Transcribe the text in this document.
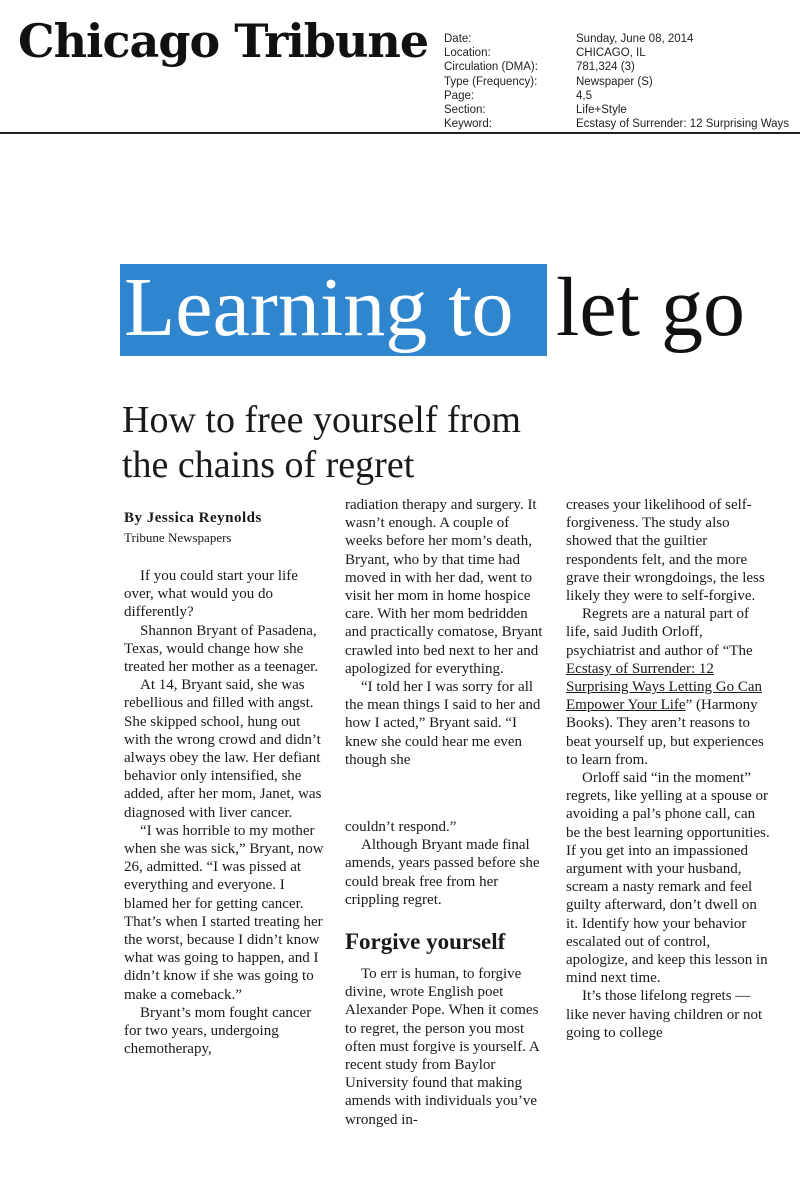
Chicago Tribune	Date:
Location:
Circulation (DMA):
Type (Frequency):
Page:
Section:
Keyword:
Sunday, June 08, 2014
CHICAGO, IL
781,324 (3)
Newspaper (S)
4,5
Life+Style
Ecstasy of Surrender: 12 Surprising Ways
Learning to let go
How to free yourself from the chains of regret
By Jessica Reynolds
Tribune Newspapers

If you could start your life over, what would you do differently?

Shannon Bryant of Pasadena, Texas, would change how she treated her mother as a teenager.

At 14, Bryant said, she was rebellious and filled with angst. She skipped school, hung out with the wrong crowd and didn’t always obey the law. Her defiant behavior only intensified, she added, after her mom, Janet, was diagnosed with liver cancer.

“I was horrible to my mother when she was sick,” Bryant, now 26, admitted. “I was pissed at everything and everyone. I blamed her for getting cancer. That’s when I started treating her the worst, because I didn’t know what was going to happen, and I didn’t know if she was going to make a comeback.”

Bryant’s mom fought cancer for two years, undergoing chemotherapy,

radiation therapy and surgery. It wasn’t enough. A couple of weeks before her mom’s death, Bryant, who by that time had moved in with her dad, went to visit her mom in home hospice care. With her mom bedridden and practically comatose, Bryant crawled into bed next to her and apologized for everything.

“I told her I was sorry for all the mean things I said to her and how I acted,” Bryant said. “I knew she could hear me even though she

couldn’t respond.”

Although Bryant made final amends, years passed before she could break free from her crippling regret.

Forgive yourself

To err is human, to forgive divine, wrote English poet Alexander Pope. When it comes to regret, the person you most often must forgive is yourself. A recent study from Baylor University found that making amends with individuals you’ve wronged in-

creases your likelihood of self-forgiveness. The study also showed that the guiltier respondents felt, and the more grave their wrongdoings, the less likely they were to self-forgive.

Regrets are a natural part of life, said Judith Orloff, psychiatrist and author of “The Ecstasy of Surrender: 12 Surprising Ways Letting Go Can Empower Your Life” (Harmony Books). They aren’t reasons to beat yourself up, but experiences to learn from.

Orloff said “in the moment” regrets, like yelling at a spouse or avoiding a pal’s phone call, can be the best learning opportunities. If you get into an impassioned argument with your husband, scream a nasty remark and feel guilty afterward, don’t dwell on it. Identify how your behavior escalated out of control, apologize, and keep this lesson in mind next time.

It’s those lifelong regrets — like never having children or not going to college
